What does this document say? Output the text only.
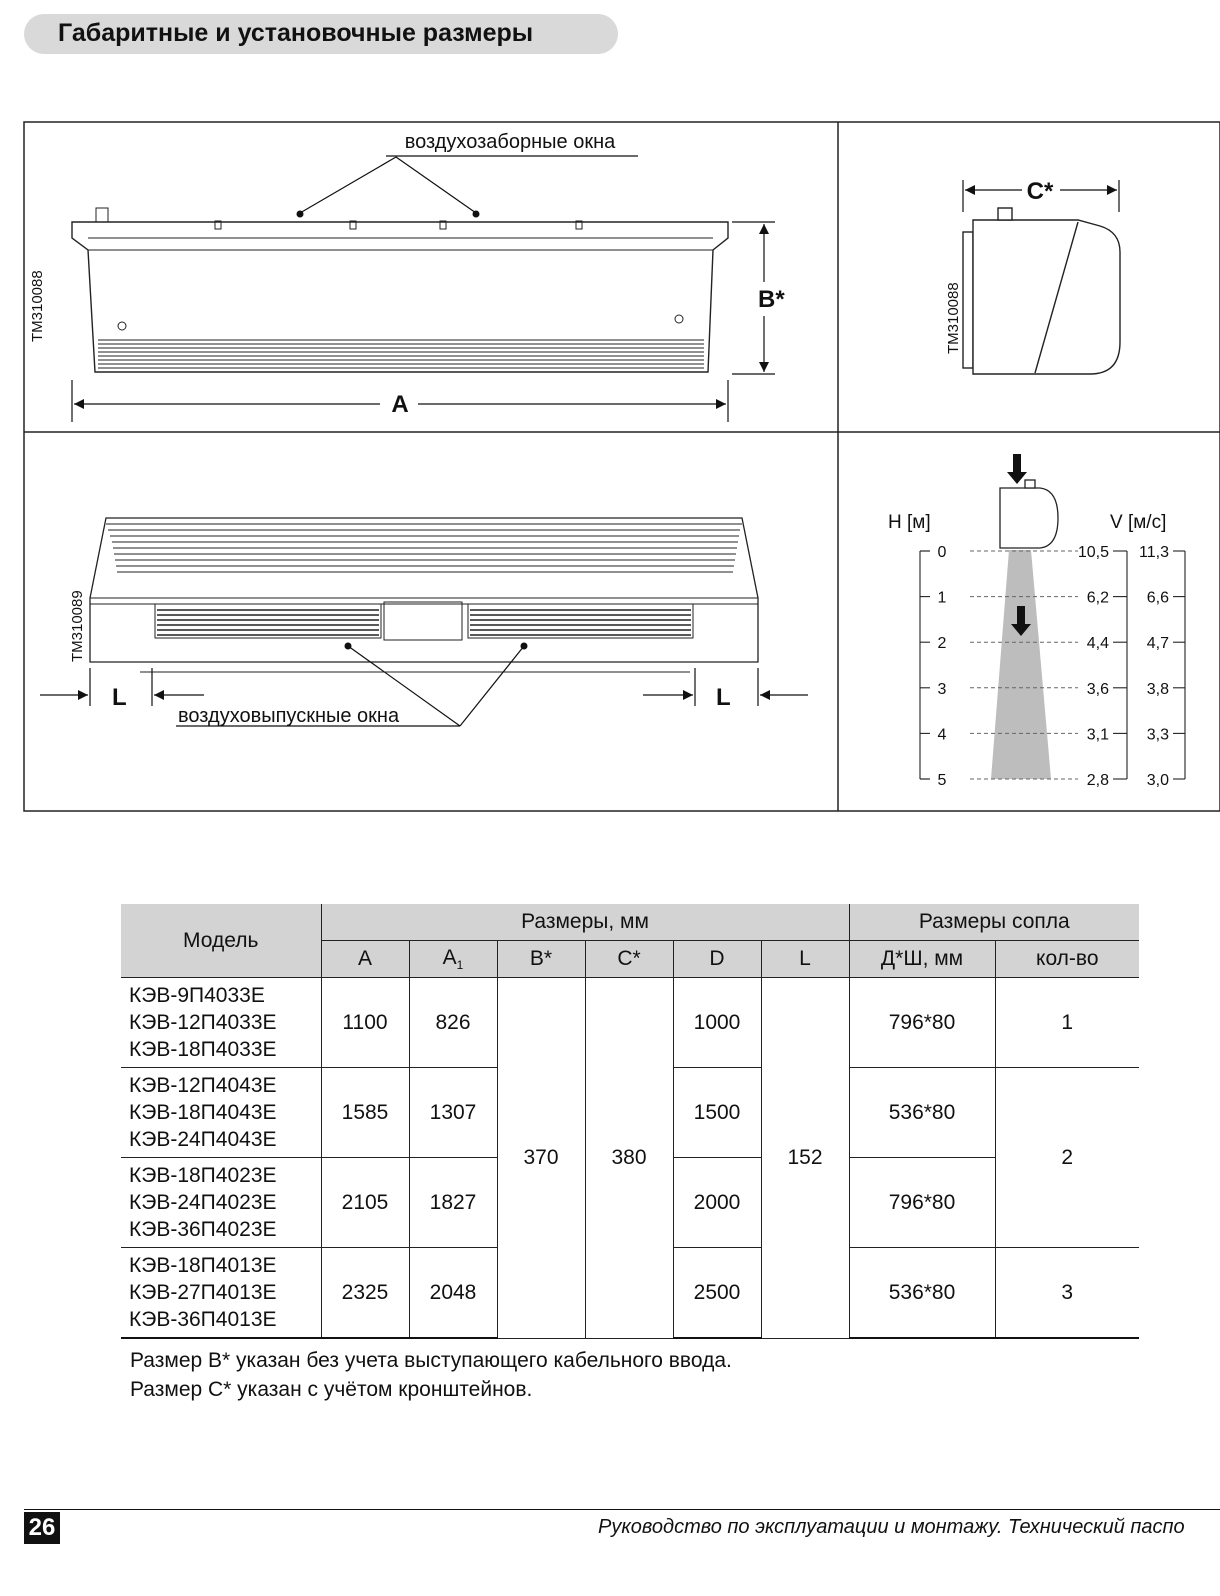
Габаритные и установочные размеры
воздухозаборные окна
TM310088	B*
A
C*
TM310088
воздуховыпускные окна
TM310089
L	L
H [м]	V [м/с]
0	10,5 11,3
1	6,2 6,6
2	4,4 4,7
3	3,6 3,8
4	3,1 3,3
5	2,8 3,0
Модель	Размеры, мм						Размеры сопла	
	A	$A_1$	B*	C*	D	L	Д*Ш, мм	кол-во
КЭВ-9П4033E
КЭВ-12П4033E
КЭВ-18П4033E	1100	826	370	380	1000	152	796*80	1
КЭВ-12П4043E
КЭВ-18П4043E
КЭВ-24П4043E	1585	1307			1500		536*80	2
КЭВ-18П4023E
КЭВ-24П4023E
КЭВ-36П4023E	2105	1827			2000		796*80	
КЭВ-18П4013E
КЭВ-27П4013E
КЭВ-36П4013E	2325	2048			2500		536*80	3
Размер B* указан без учета выступающего кабельного ввода.
Размер C* указан с учётом кронштейнов.
26	Руководство по эксплуатации и монтажу. Технический паспо
